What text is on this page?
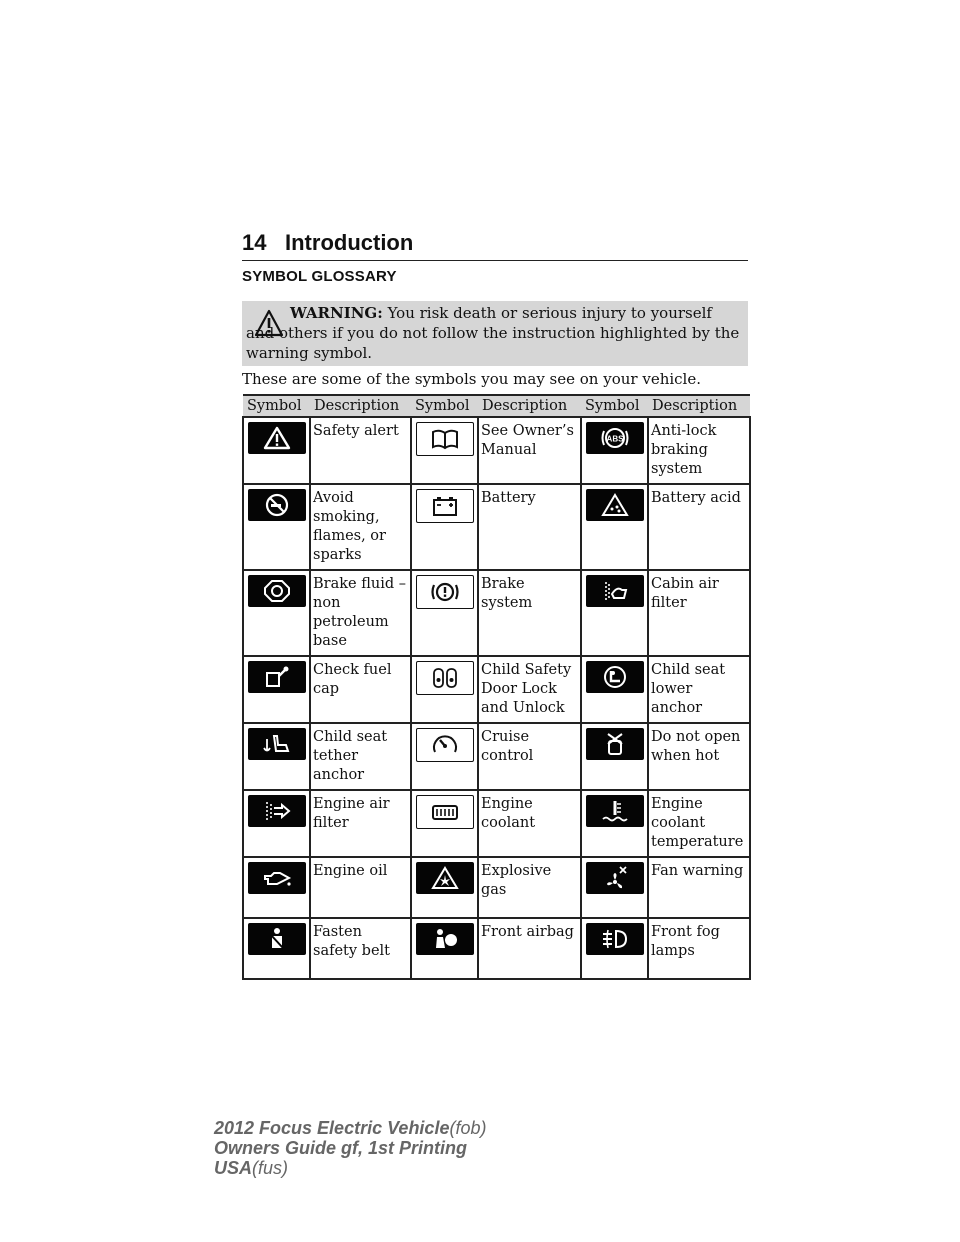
14 Introduction
SYMBOL GLOSSARY
WARNING: You risk death or serious injury to yourself and others if you do not follow the instruction highlighted by the warning symbol.
These are some of the symbols you may see on your vehicle.
Symbol	Description	Symbol	Description	Symbol	Description

	Safety alert		See Owner’s Manual	ABS	Anti-lock braking system

	Avoid smoking, flames, or sparks		Battery		Battery acid

	Brake fluid – non petroleum base		Brake system		Cabin air filter

	Check fuel cap		Child Safety Door Lock and Unlock		Child seat lower anchor

	Child seat tether anchor		Cruise control		Do not open when hot

	Engine air filter		Engine coolant		Engine coolant temperature

	Engine oil		Explosive gas		Fan warning

	Fasten safety belt		Front airbag		Front fog lamps
2012 Focus Electric Vehicle(fob)
Owners Guide gf, 1st Printing
USA(fus)
